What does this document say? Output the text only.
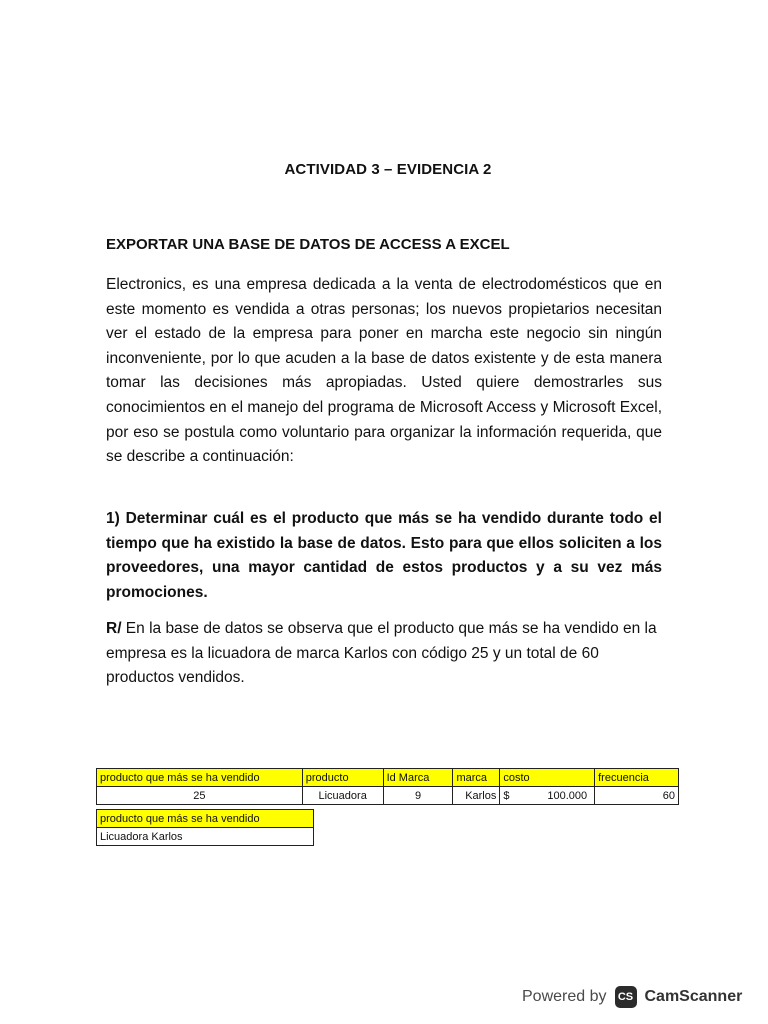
ACTIVIDAD 3 – EVIDENCIA 2
EXPORTAR UNA BASE DE DATOS DE ACCESS A EXCEL
Electronics, es una empresa dedicada a la venta de electrodomésticos que en este momento es vendida a otras personas; los nuevos propietarios necesitan ver el estado de la empresa para poner en marcha este negocio sin ningún inconveniente, por lo que acuden a la base de datos existente y de esta manera tomar las decisiones más apropiadas. Usted quiere demostrarles sus conocimientos en el manejo del programa de Microsoft Access y Microsoft Excel, por eso se postula como voluntario para organizar la información requerida, que se describe a continuación:
1) Determinar cuál es el producto que más se ha vendido durante todo el tiempo que ha existido la base de datos. Esto para que ellos soliciten a los proveedores, una mayor cantidad de estos productos y a su vez más promociones.
R/ En la base de datos se observa que el producto que más se ha vendido en la empresa es la licuadora de marca Karlos con código 25 y un total de 60 productos vendidos.
producto que más se ha vendido	producto	Id Marca	marca	costo	frecuencia
25	Licuadora	9	Karlos	$ 100.000	60
producto que más se ha vendido
Licuadora Karlos
Powered by	CS CamScanner
